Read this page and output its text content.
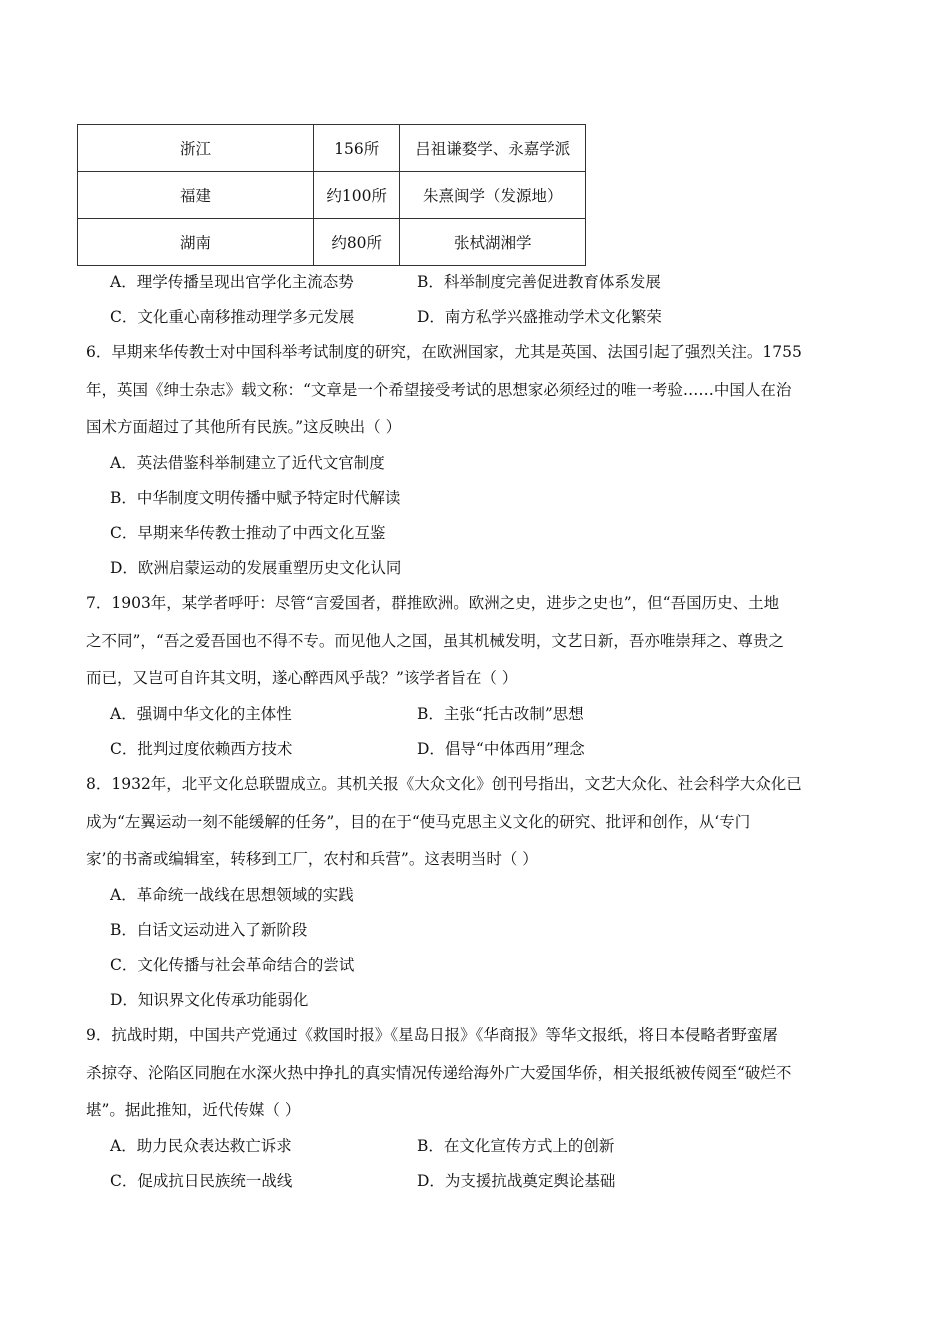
浙江	156所	吕祖谦婺学、永嘉学派
福建	约100所	朱熹闽学（发源地）
湖南	约80所	张栻湖湘学
A．理学传播呈现出官学化主流态势	B．科举制度完善促进教育体系发展
C．文化重心南移推动理学多元发展	D．南方私学兴盛推动学术文化繁荣
6．早期来华传教士对中国科举考试制度的研究，在欧洲国家，尤其是英国、法国引起了强烈关注。1755
年，英国《绅士杂志》载文称：“文章是一个希望接受考试的思想家必须经过的唯一考验……中国人在治
国术方面超过了其他所有民族。”这反映出（ ）
A．英法借鉴科举制建立了近代文官制度
B．中华制度文明传播中赋予特定时代解读
C．早期来华传教士推动了中西文化互鉴
D．欧洲启蒙运动的发展重塑历史文化认同
7．1903年，某学者呼吁：尽管“言爱国者，群推欧洲。欧洲之史，进步之史也”，但“吾国历史、土地
之不同”，“吾之爱吾国也不得不专。而见他人之国，虽其机械发明，文艺日新，吾亦唯崇拜之、尊贵之
而已，又岂可自许其文明，遂心醉西风乎哉？”该学者旨在（ ）
A．强调中华文化的主体性	B．主张“托古改制”思想
C．批判过度依赖西方技术	D．倡导“中体西用”理念
8．1932年，北平文化总联盟成立。其机关报《大众文化》创刊号指出，文艺大众化、社会科学大众化已
成为“左翼运动一刻不能缓解的任务”，目的在于“使马克思主义文化的研究、批评和创作，从‘专门
家’的书斋或编辑室，转移到工厂，农村和兵营”。这表明当时（ ）
A．革命统一战线在思想领域的实践
B．白话文运动进入了新阶段
C．文化传播与社会革命结合的尝试
D．知识界文化传承功能弱化
9．抗战时期，中国共产党通过《救国时报》《星岛日报》《华商报》等华文报纸，将日本侵略者野蛮屠
杀掠夺、沦陷区同胞在水深火热中挣扎的真实情况传递给海外广大爱国华侨，相关报纸被传阅至“破烂不
堪”。据此推知，近代传媒（ ）
A．助力民众表达救亡诉求	B．在文化宣传方式上的创新
C．促成抗日民族统一战线	D．为支援抗战奠定舆论基础
